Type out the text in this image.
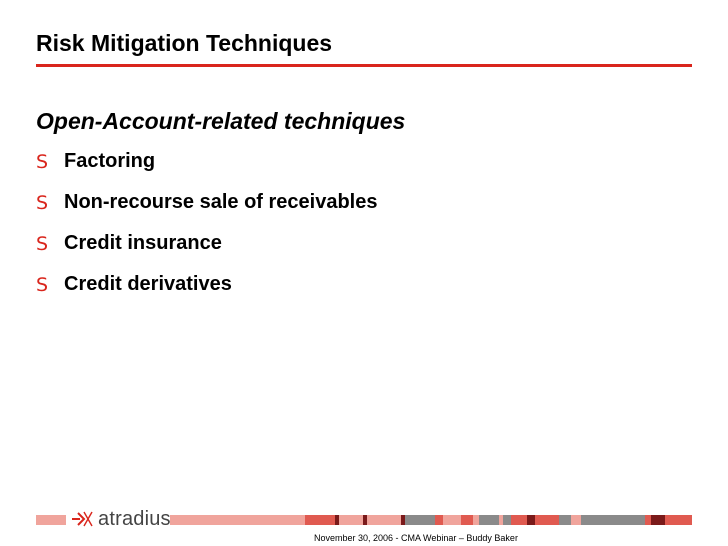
Risk Mitigation Techniques
Open-Account-related techniques
S Factoring
S Non-recourse sale of receivables
S Credit insurance
S Credit derivatives
atradius
November 30, 2006 - CMA Webinar – Buddy Baker
